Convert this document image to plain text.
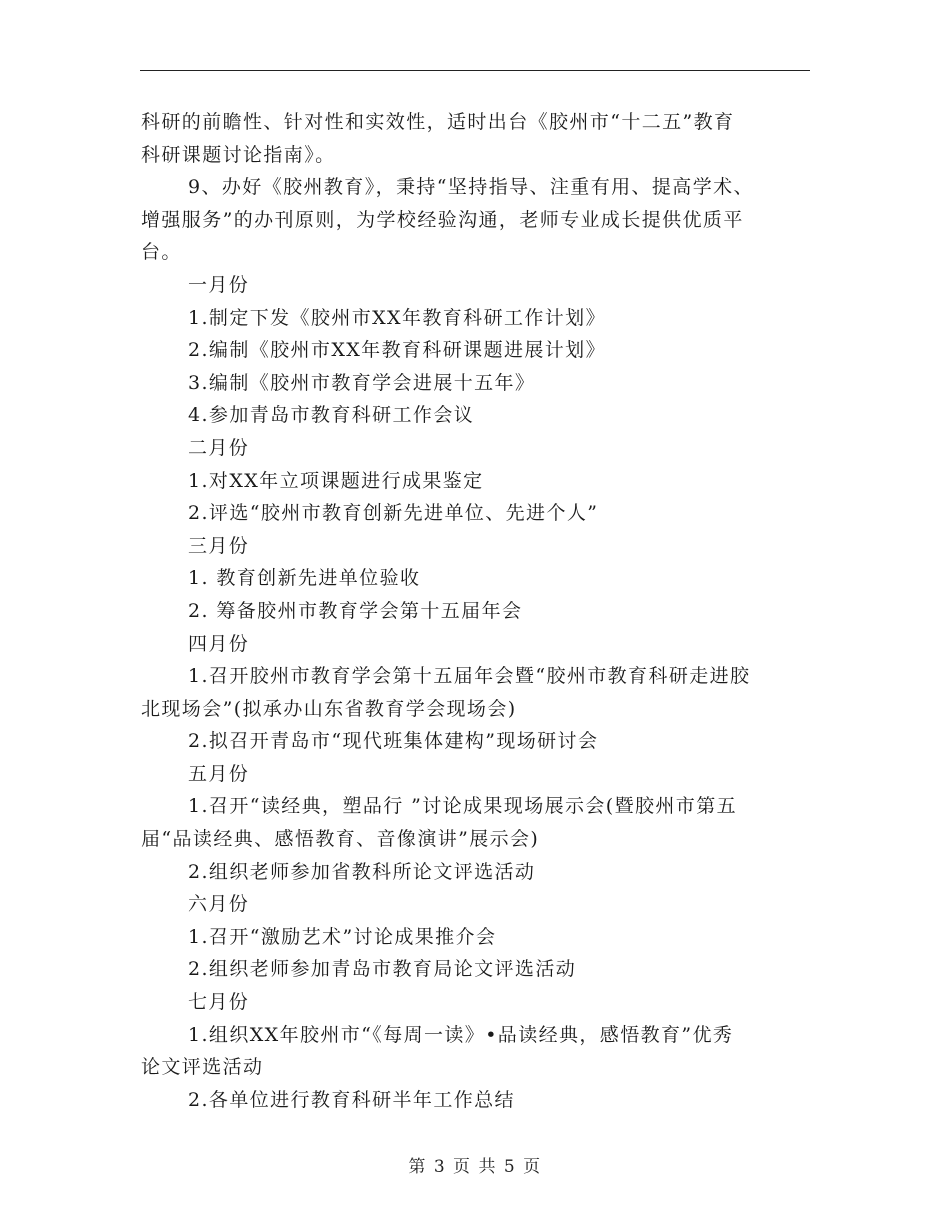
科研的前瞻性、针对性和实效性，适时出台《胶州市“十二五”教育
科研课题讨论指南》。
9、办好《胶州教育》，秉持“坚持指导、注重有用、提高学术、
增强服务”的办刊原则，为学校经验沟通，老师专业成长提供优质平
台。
一月份
1.制定下发《胶州市XX年教育科研工作计划》
2.编制《胶州市XX年教育科研课题进展计划》
3.编制《胶州市教育学会进展十五年》
4.参加青岛市教育科研工作会议
二月份
1.对XX年立项课题进行成果鉴定
2.评选“胶州市教育创新先进单位、先进个人”
三月份
1. 教育创新先进单位验收
2. 筹备胶州市教育学会第十五届年会
四月份
1.召开胶州市教育学会第十五届年会暨“胶州市教育科研走进胶
北现场会”(拟承办山东省教育学会现场会)
2.拟召开青岛市“现代班集体建构”现场研讨会
五月份
1.召开“读经典，塑品行 ”讨论成果现场展示会(暨胶州市第五
届“品读经典、感悟教育、音像演讲”展示会)
2.组织老师参加省教科所论文评选活动
六月份
1.召开“激励艺术”讨论成果推介会
2.组织老师参加青岛市教育局论文评选活动
七月份
1.组织XX年胶州市“《每周一读》•品读经典，感悟教育”优秀
论文评选活动
2.各单位进行教育科研半年工作总结
第 3 页 共 5 页
